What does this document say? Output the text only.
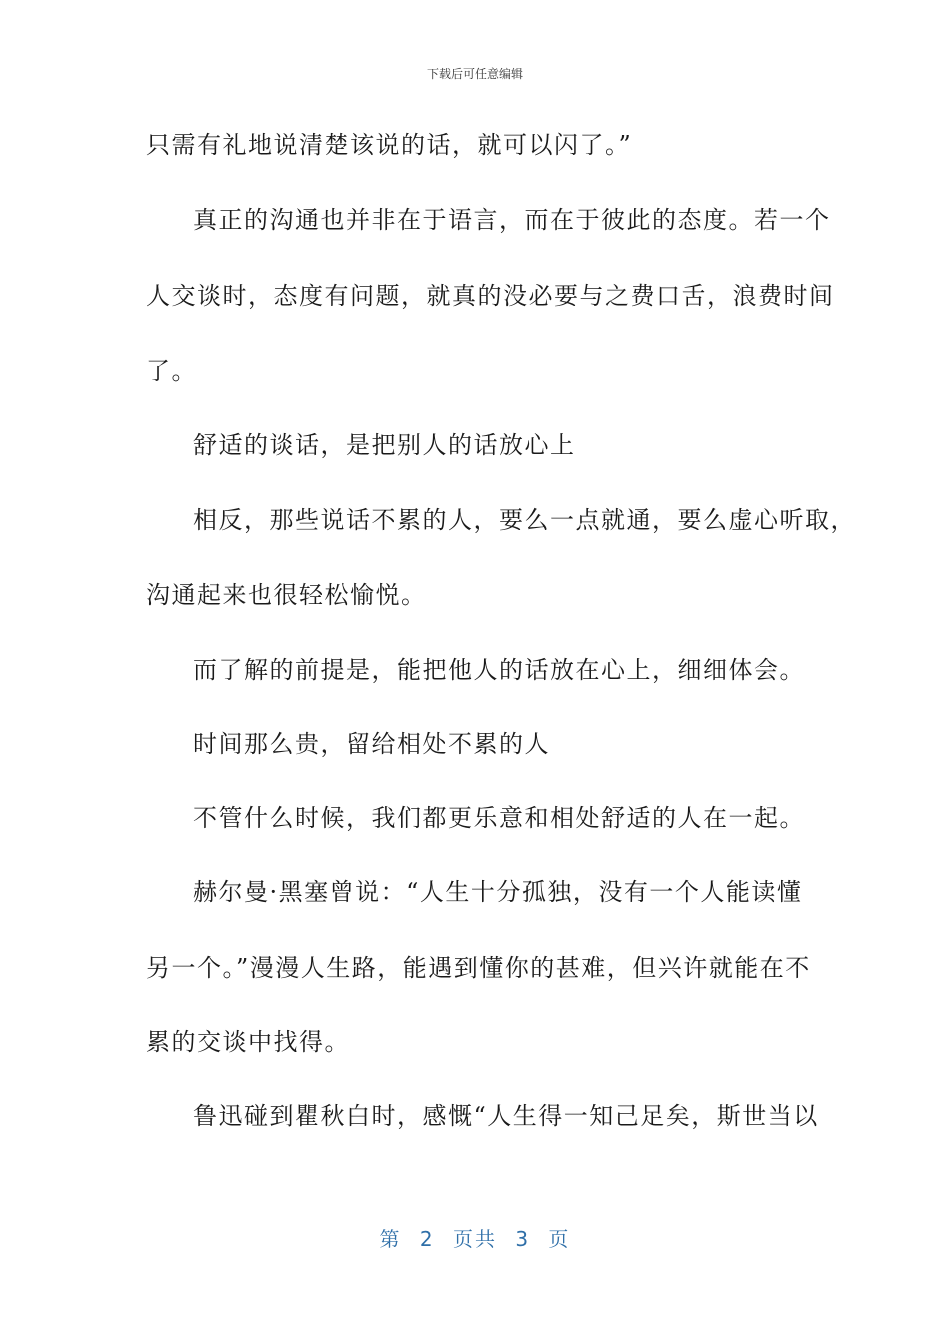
下载后可任意编辑
只需有礼地说清楚该说的话，就可以闪了。”
真正的沟通也并非在于语言，而在于彼此的态度。若一个
人交谈时，态度有问题，就真的没必要与之费口舌，浪费时间
了。
舒适的谈话，是把别人的话放心上
相反，那些说话不累的人，要么一点就通，要么虚心听取，
沟通起来也很轻松愉悦。
而了解的前提是，能把他人的话放在心上，细细体会。
时间那么贵，留给相处不累的人
不管什么时候，我们都更乐意和相处舒适的人在一起。
赫尔曼·黑塞曾说：“人生十分孤独，没有一个人能读懂
另一个。”漫漫人生路，能遇到懂你的甚难，但兴许就能在不
累的交谈中找得。
鲁迅碰到瞿秋白时，感慨“人生得一知己足矣，斯世当以
第 2 页共 3 页
